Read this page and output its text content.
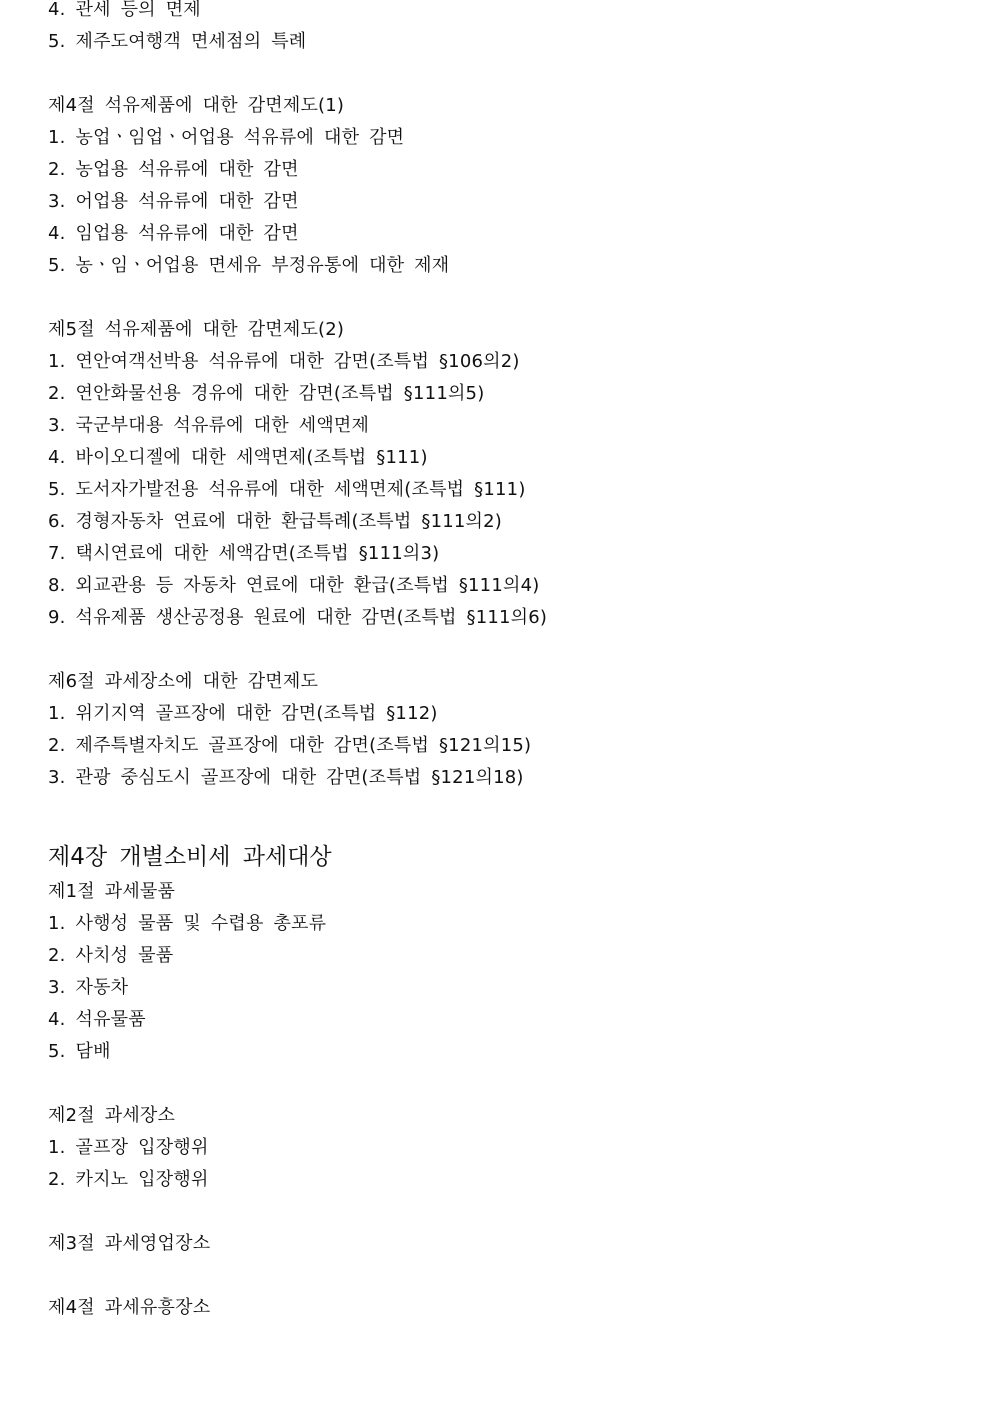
4. 관세 등의 면제
5. 제주도여행객 면세점의 특례
제4절 석유제품에 대한 감면제도(1)
1. 농업ㆍ임업ㆍ어업용 석유류에 대한 감면
2. 농업용 석유류에 대한 감면
3. 어업용 석유류에 대한 감면
4. 임업용 석유류에 대한 감면
5. 농ㆍ임ㆍ어업용 면세유 부정유통에 대한 제재
제5절 석유제품에 대한 감면제도(2)
1. 연안여객선박용 석유류에 대한 감면(조특법 §106의2)
2. 연안화물선용 경유에 대한 감면(조특법 §111의5)
3. 국군부대용 석유류에 대한 세액면제
4. 바이오디젤에 대한 세액면제(조특법 §111)
5. 도서자가발전용 석유류에 대한 세액면제(조특법 §111)
6. 경형자동차 연료에 대한 환급특례(조특법 §111의2)
7. 택시연료에 대한 세액감면(조특법 §111의3)
8. 외교관용 등 자동차 연료에 대한 환급(조특법 §111의4)
9. 석유제품 생산공정용 원료에 대한 감면(조특법 §111의6)
제6절 과세장소에 대한 감면제도
1. 위기지역 골프장에 대한 감면(조특법 §112)
2. 제주특별자치도 골프장에 대한 감면(조특법 §121의15)
3. 관광 중심도시 골프장에 대한 감면(조특법 §121의18)
제4장 개별소비세 과세대상
제1절 과세물품
1. 사행성 물품 및 수렵용 총포류
2. 사치성 물품
3. 자동차
4. 석유물품
5. 담배
제2절 과세장소
1. 골프장 입장행위
2. 카지노 입장행위
제3절 과세영업장소
제4절 과세유흥장소
